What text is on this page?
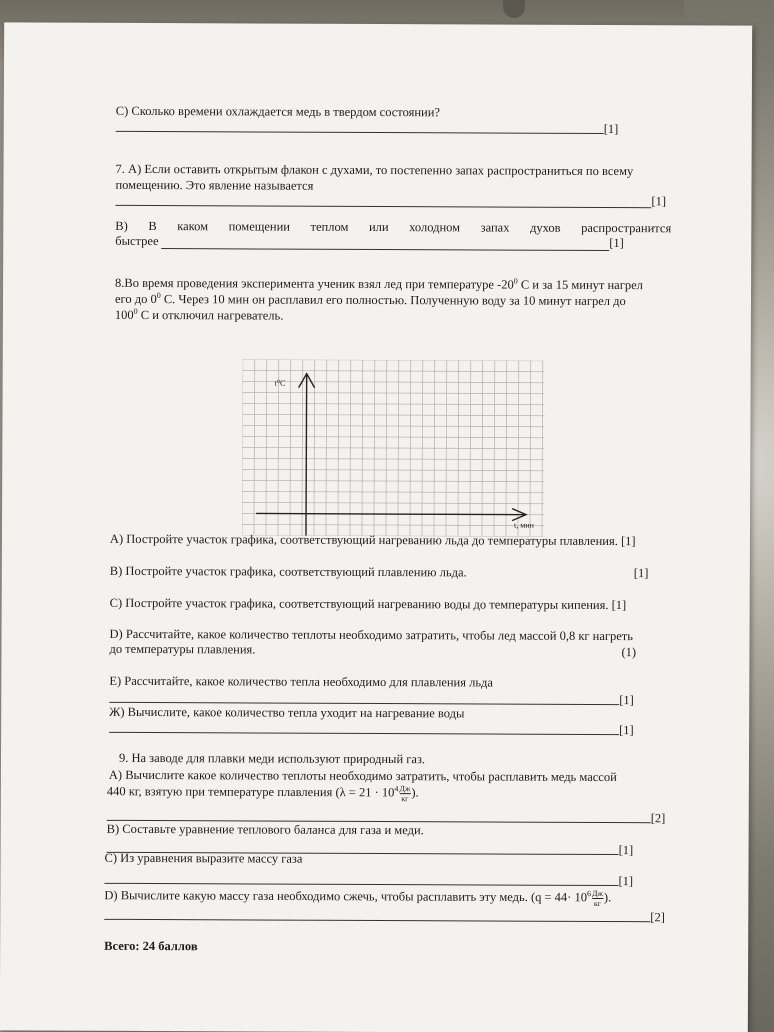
С) Сколько времени охлаждается медь в твердом состоянии?
[1]
7. А) Если оставить открытым флакон с духами, то постепенно запах распространиться по всему
помещению. Это явление называется
[1]
В) В каком помещении теплом или холодном запах духов распространится
быстрее	[1]
8.Во время проведения эксперимента ученик взял лед при температуре $-20^0$ С и за 15 минут нагрел
его до $0^0$ С. Через 10 мин он расплавил его полностью. Полученную воду за 10 минут нагрел до
$100^0$ С и отключил нагреватель.
t⁰C
t, мин
А) Постройте участок графика, соответствующий нагреванию льда до температуры плавления. [1]
В) Постройте участок графика, соответствующий плавлению льда.	[1]
С) Постройте участок графика, соответствующий нагреванию воды до температуры кипения. [1]
D) Рассчитайте, какое количество теплоты необходимо затратить, чтобы лед массой 0,8 кг нагреть
до температуры плавления.	(1)
Е) Рассчитайте, какое количество тепла необходимо для плавления льда
[1]
Ж) Вычислите, какое количество тепла уходит на нагревание воды
[1]
9. На заводе для плавки меди используют природный газ.
А) Вычислите какое количество теплоты необходимо затратить, чтобы расплавить медь массой
440 кг, взятую при температуре плавления ($\lambda = 21 \cdot 10^4 \frac{Дж}{кг}$ ).
[2]
В) Составьте уравнение теплового баланса для газа и меди.
[1]
С) Из уравнения выразите массу газа
[1]
D) Вычислите какую массу газа необходимо сжечь, чтобы расплавить эту медь. ($q = 44\cdot 10^6 \frac{Дж}{кг}$ ).
[2]
Всего: 24 баллов
